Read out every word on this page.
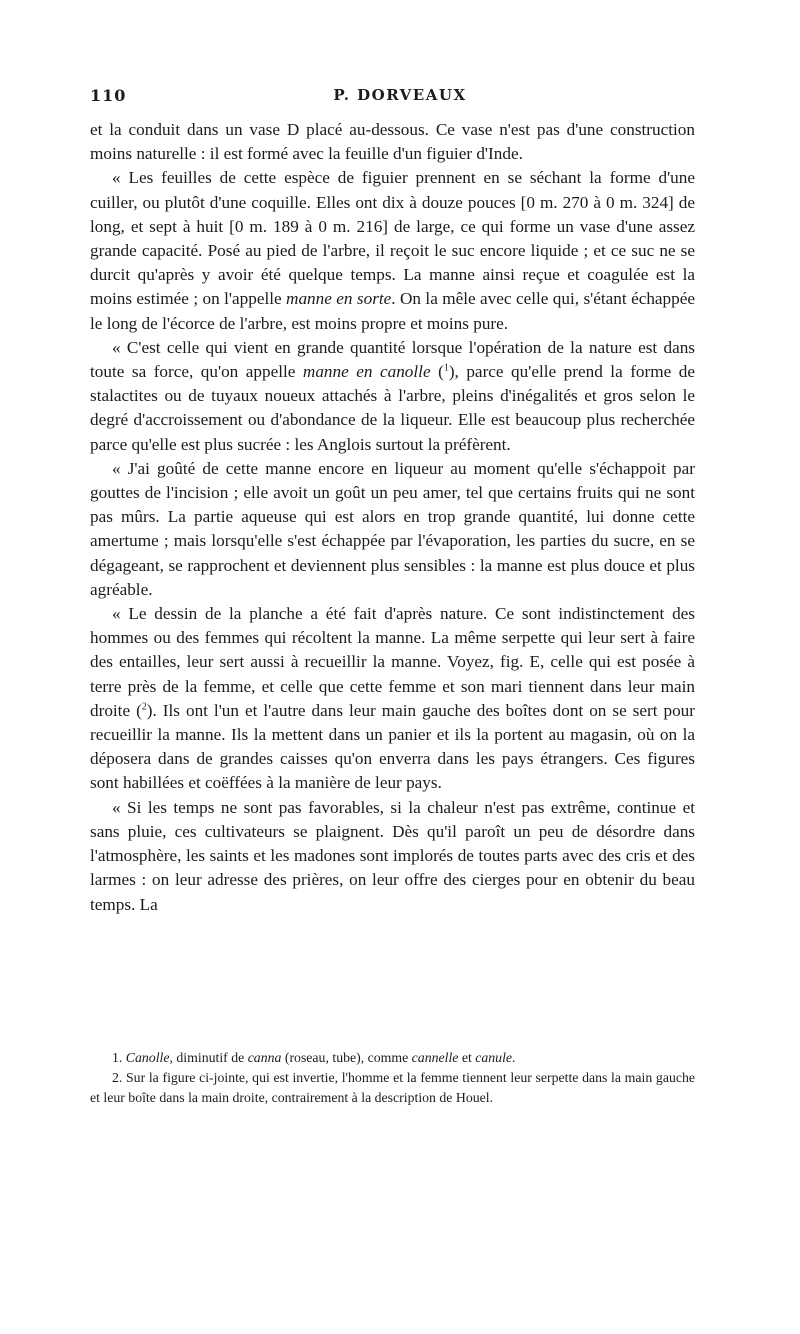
110	P. DORVEAUX

et la conduit dans un vase D placé au-dessous. Ce vase n'est pas d'une construction moins naturelle : il est formé avec la feuille d'un figuier d'Inde.

« Les feuilles de cette espèce de figuier prennent en se séchant la forme d'une cuiller, ou plutôt d'une coquille. Elles ont dix à douze pouces [0 m. 270 à 0 m. 324] de long, et sept à huit [0 m. 189 à 0 m. 216] de large, ce qui forme un vase d'une assez grande capacité. Posé au pied de l'arbre, il reçoit le suc encore liquide ; et ce suc ne se durcit qu'après y avoir été quelque temps. La manne ainsi reçue et coagulée est la moins estimée ; on l'appelle manne en sorte. On la mêle avec celle qui, s'étant échappée le long de l'écorce de l'arbre, est moins propre et moins pure.

« C'est celle qui vient en grande quantité lorsque l'opération de la nature est dans toute sa force, qu'on appelle manne en canolle ($^1$), parce qu'elle prend la forme de stalactites ou de tuyaux noueux attachés à l'arbre, pleins d'inégalités et gros selon le degré d'accroissement ou d'abondance de la liqueur. Elle est beaucoup plus recherchée parce qu'elle est plus sucrée : les Anglois surtout la préfèrent.

« J'ai goûté de cette manne encore en liqueur au moment qu'elle s'échappoit par gouttes de l'incision ; elle avoit un goût un peu amer, tel que certains fruits qui ne sont pas mûrs. La partie aqueuse qui est alors en trop grande quantité, lui donne cette amertume ; mais lorsqu'elle s'est échappée par l'évaporation, les parties du sucre, en se dégageant, se rapprochent et deviennent plus sensibles : la manne est plus douce et plus agréable.

« Le dessin de la planche a été fait d'après nature. Ce sont indistinctement des hommes ou des femmes qui récoltent la manne. La même serpette qui leur sert à faire des entailles, leur sert aussi à recueillir la manne. Voyez, fig. E, celle qui est posée à terre près de la femme, et celle que cette femme et son mari tiennent dans leur main droite ($^2$). Ils ont l'un et l'autre dans leur main gauche des boîtes dont on se sert pour recueillir la manne. Ils la mettent dans un panier et ils la portent au magasin, où on la déposera dans de grandes caisses qu'on enverra dans les pays étrangers. Ces figures sont habillées et coëffées à la manière de leur pays.

« Si les temps ne sont pas favorables, si la chaleur n'est pas extrême, continue et sans pluie, ces cultivateurs se plaignent. Dès qu'il paroît un peu de désordre dans l'atmosphère, les saints et les madones sont implorés de toutes parts avec des cris et des larmes : on leur adresse des prières, on leur offre des cierges pour en obtenir du beau temps. La

1. Canolle, diminutif de canna (roseau, tube), comme cannelle et canule.

2. Sur la figure ci-jointe, qui est invertie, l'homme et la femme tiennent leur serpette dans la main gauche et leur boîte dans la main droite, contrairement à la description de Houel.
